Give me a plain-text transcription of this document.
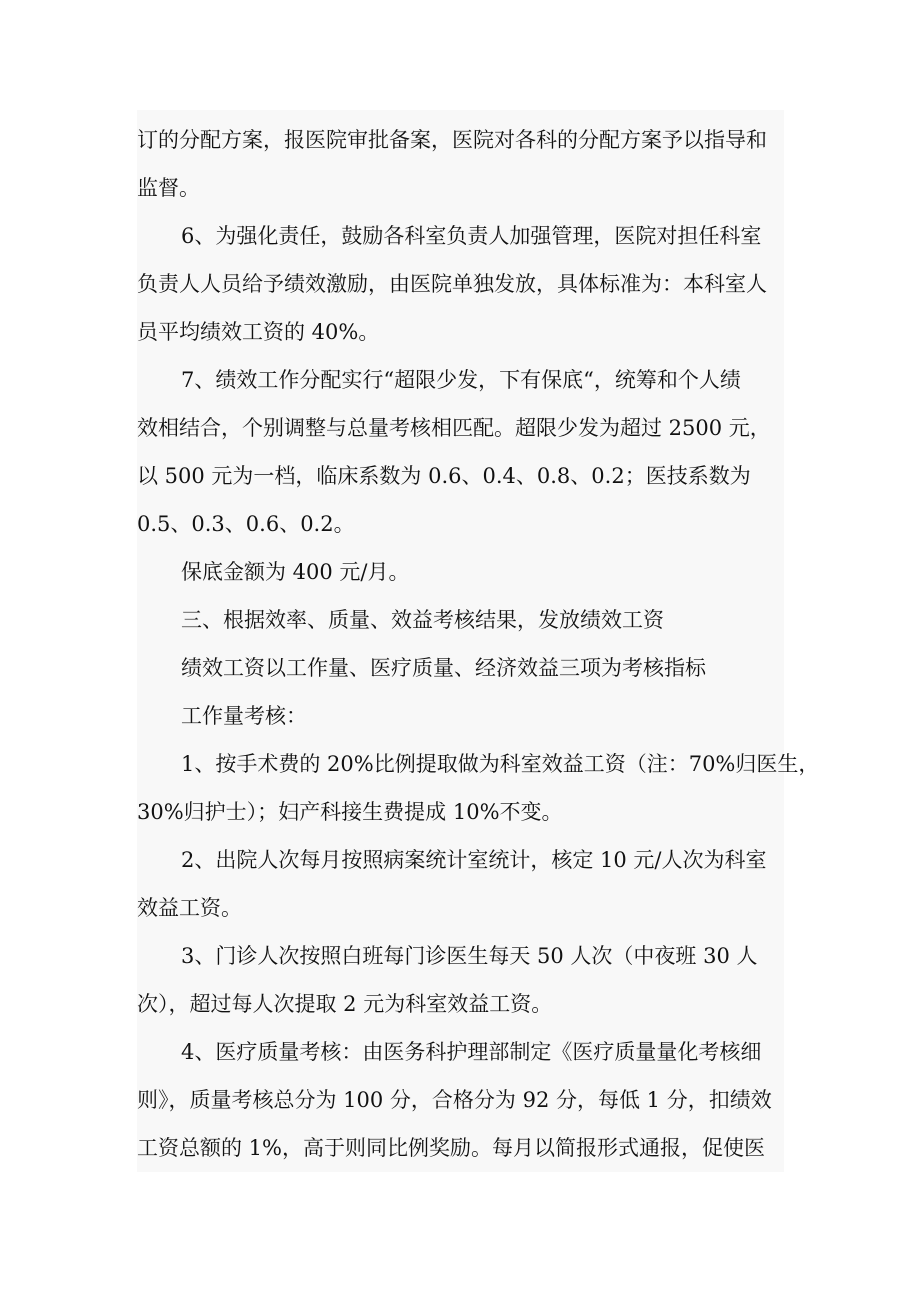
订的分配方案，报医院审批备案，医院对各科的分配方案予以指导和
监督。
6、为强化责任，鼓励各科室负责人加强管理，医院对担任科室
负责人人员给予绩效激励，由医院单独发放，具体标准为：本科室人
员平均绩效工资的 40%。
7、绩效工作分配实行“超限少发，下有保底“，统筹和个人绩
效相结合，个别调整与总量考核相匹配。超限少发为超过 2500 元，
以 500 元为一档，临床系数为 0.6、0.4、0.8、0.2；医技系数为
0.5、0.3、0.6、0.2。
保底金额为 400 元/月。
三、根据效率、质量、效益考核结果，发放绩效工资
绩效工资以工作量、医疗质量、经济效益三项为考核指标
工作量考核：
1、按手术费的 20%比例提取做为科室效益工资（注：70%归医生，
30%归护士）；妇产科接生费提成 10%不变。
2、出院人次每月按照病案统计室统计，核定 10 元/人次为科室
效益工资。
3、门诊人次按照白班每门诊医生每天 50 人次（中夜班 30 人
次），超过每人次提取 2 元为科室效益工资。
4、医疗质量考核：由医务科护理部制定《医疗质量量化考核细
则》，质量考核总分为 100 分，合格分为 92 分，每低 1 分，扣绩效
工资总额的 1%，高于则同比例奖励。每月以简报形式通报，促使医
